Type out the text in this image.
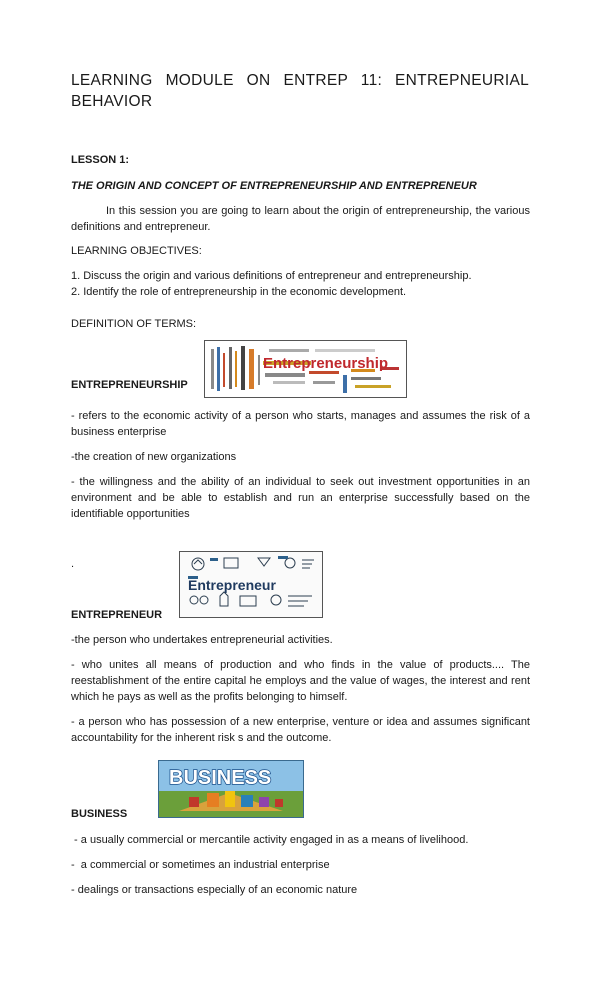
LEARNING MODULE ON ENTREP 11: ENTREPNEURIAL
BEHAVIOR
LESSON 1:
THE ORIGIN AND CONCEPT OF ENTREPRENEURSHIP AND ENTREPRENEUR
In this session you are going to learn about the origin of entrepreneurship, the various definitions and entrepreneur.
LEARNING OBJECTIVES:
1. Discuss the origin and various definitions of entrepreneur and entrepreneurship.
2. Identify the role of entrepreneurship in the economic development.
DEFINITION OF TERMS:
Entrepreneurship
ENTREPRENEURSHIP
- refers to the economic activity of a person who starts, manages and assumes the risk of a business enterprise
-the creation of new organizations
- the willingness and the ability of an individual to seek out investment opportunities in an environment and be able to establish and run an enterprise successfully based on the identifiable opportunities
.
Entrepreneur
ENTREPRENEUR
-the person who undertakes entrepreneurial activities.
- who unites all means of production and who finds in the value of products.... The reestablishment of the entire capital he employs and the value of wages, the interest and rent which he pays as well as the profits belonging to himself.
- a person who has possession of a new enterprise, venture or idea and assumes significant accountability for the inherent risk s and the outcome.
BUSINESS
BUSINESS
- a usually commercial or mercantile activity engaged in as a means of livelihood.
-  a commercial or sometimes an industrial enterprise
- dealings or transactions especially of an economic nature
